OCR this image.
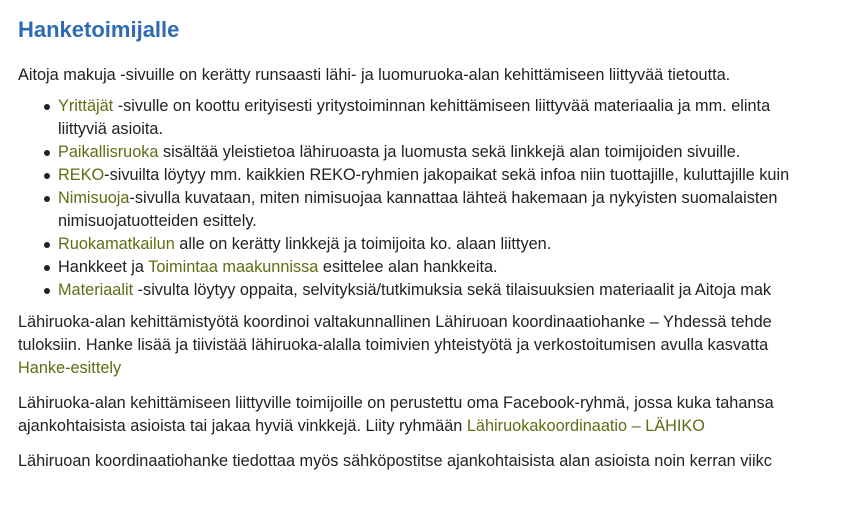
Hanketoimijalle

Aitoja makuja -sivuille on kerätty runsaasti lähi- ja luomuruoka-alan kehittämiseen liittyvää tietoutta.

Yrittäjät -sivulle on koottu erityisesti yritystoiminnan kehittämiseen liittyvää materiaalia ja mm. elinta
liittyviä asioita.
Paikallisruoka sisältää yleistietoa lähiruoasta ja luomusta sekä linkkejä alan toimijoiden sivuille.
REKO-sivuilta löytyy mm. kaikkien REKO-ryhmien jakopaikat sekä infoa niin tuottajille, kuluttajille kuin
Nimisuoja-sivulla kuvataan, miten nimisuojaa kannattaa lähteä hakemaan ja nykyisten suomalaisten
nimisuojatuotteiden esittely.
Ruokamatkailun alle on kerätty linkkejä ja toimijoita ko. alaan liittyen.
Hankkeet ja Toimintaa maakunnissa esittelee alan hankkeita.
Materiaalit -sivulta löytyy oppaita, selvityksiä/tutkimuksia sekä tilaisuuksien materiaalit ja Aitoja mak

Lähiruoka-alan kehittämistyötä koordinoi valtakunnallinen Lähiruoan koordinaatiohanke – Yhdessä tehde
tuloksiin. Hanke lisää ja tiivistää lähiruoka-alalla toimivien yhteistyötä ja verkostoitumisen avulla kasvatta
Hanke-esittely

Lähiruoka-alan kehittämiseen liittyville toimijoille on perustettu oma Facebook-ryhmä, jossa kuka tahansa
ajankohtaisista asioista tai jakaa hyviä vinkkejä. Liity ryhmään Lähiruokakoordinaatio – LÄHIKO

Lähiruoan koordinaatiohanke tiedottaa myös sähköpostitse ajankohtaisista alan asioista noin kerran viikc
